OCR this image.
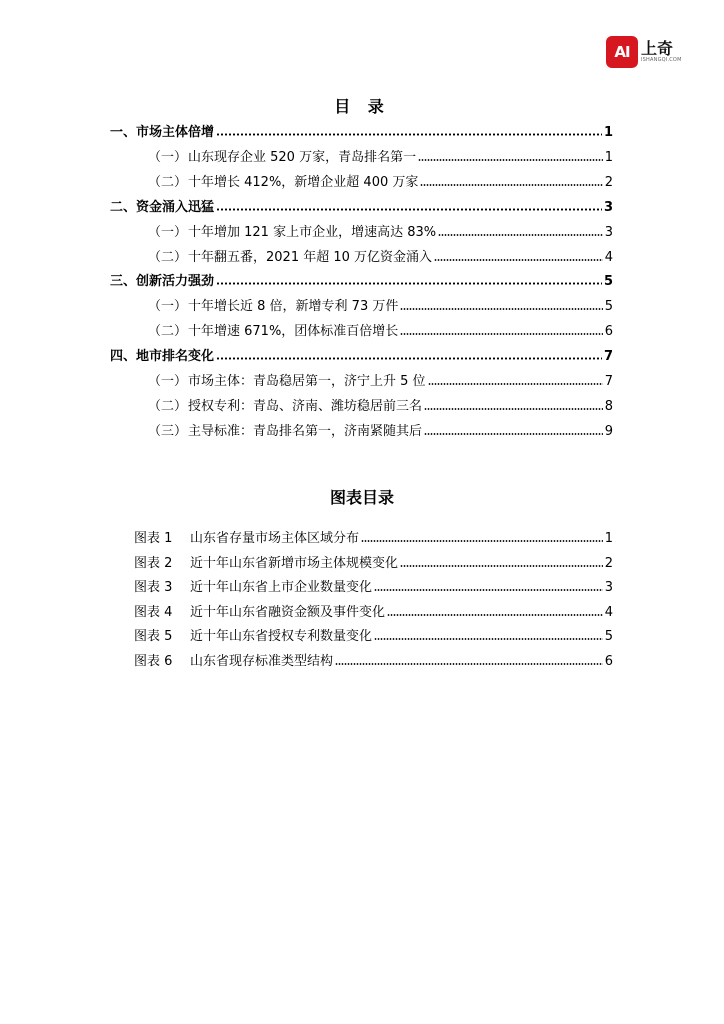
AI 上奇
ISHANGQI.COM
目 录
一、 市场主体倍增	1
（一） 山东现存企业 520 万家，青岛排名第一	1
（二） 十年增长 412%，新增企业超 400 万家	2
二、 资金涌入迅猛	3
（一） 十年增加 121 家上市企业，增速高达 83%	3
（二） 十年翻五番，2021 年超 10 万亿资金涌入	4
三、 创新活力强劲	5
（一） 十年增长近 8 倍，新增专利 73 万件	5
（二） 十年增速 671%，团体标准百倍增长	6
四、 地市排名变化	7
（一） 市场主体：青岛稳居第一，济宁上升 5 位	7
（二） 授权专利：青岛、济南、潍坊稳居前三名	8
（三） 主导标准：青岛排名第一，济南紧随其后	9
图表目录
图表 1	山东省存量市场主体区域分布	1
图表 2	近十年山东省新增市场主体规模变化	2
图表 3	近十年山东省上市企业数量变化	3
图表 4	近十年山东省融资金额及事件变化	4
图表 5	近十年山东省授权专利数量变化	5
图表 6	山东省现存标准类型结构	6
